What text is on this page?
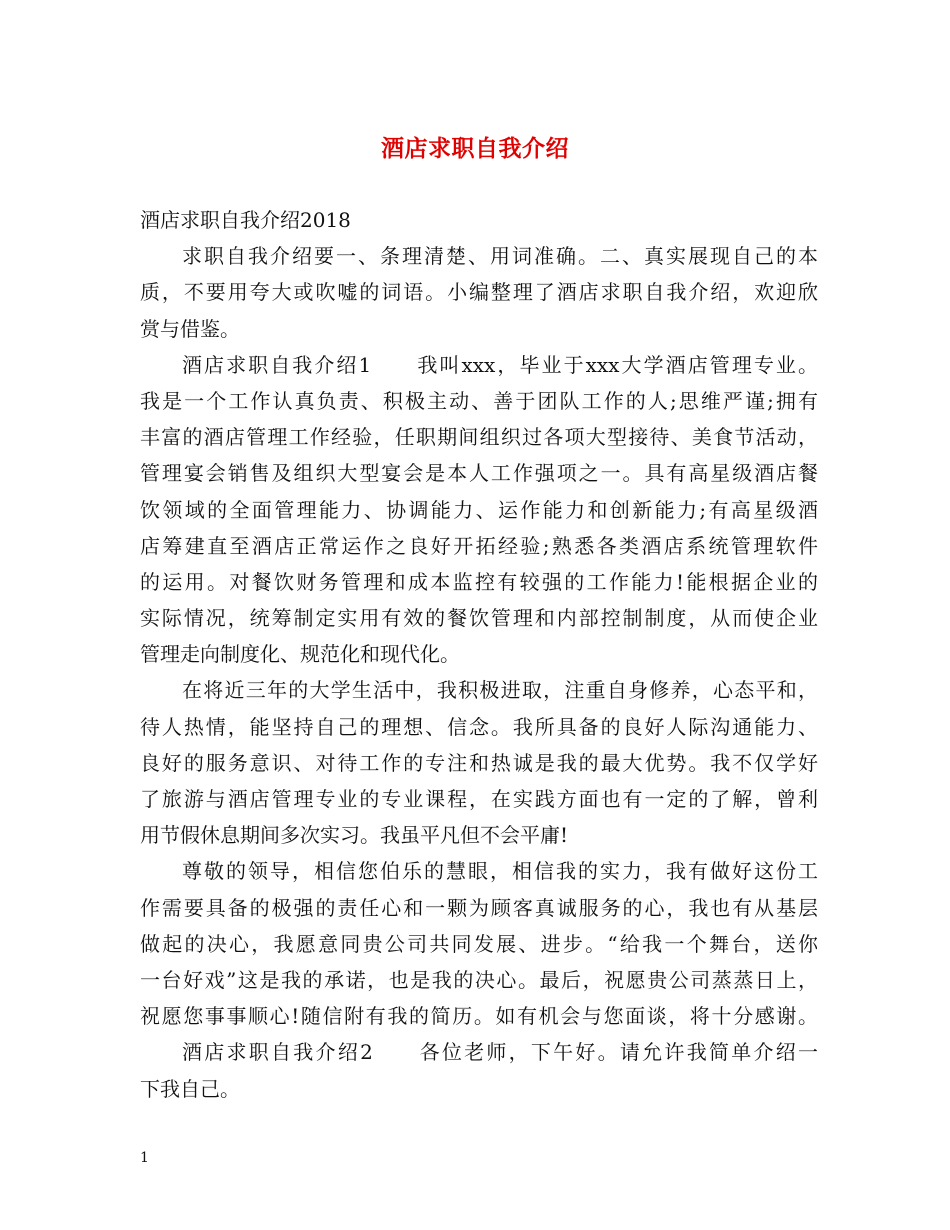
酒店求职自我介绍
酒店求职自我介绍2018
求职自我介绍要一、条理清楚、用词准确。二、真实展现自己的本
质，不要用夸大或吹嘘的词语。小编整理了酒店求职自我介绍，欢迎欣
赏与借鉴。
酒店求职自我介绍1　　我叫xxx，毕业于xxx大学酒店管理专业。
我是一个工作认真负责、积极主动、善于团队工作的人;思维严谨;拥有
丰富的酒店管理工作经验，任职期间组织过各项大型接待、美食节活动，
管理宴会销售及组织大型宴会是本人工作强项之一。具有高星级酒店餐
饮领域的全面管理能力、协调能力、运作能力和创新能力;有高星级酒
店筹建直至酒店正常运作之良好开拓经验;熟悉各类酒店系统管理软件
的运用。对餐饮财务管理和成本监控有较强的工作能力!能根据企业的
实际情况，统筹制定实用有效的餐饮管理和内部控制制度，从而使企业
管理走向制度化、规范化和现代化。
在将近三年的大学生活中，我积极进取，注重自身修养，心态平和，
待人热情，能坚持自己的理想、信念。我所具备的良好人际沟通能力、
良好的服务意识、对待工作的专注和热诚是我的最大优势。我不仅学好
了旅游与酒店管理专业的专业课程，在实践方面也有一定的了解，曾利
用节假休息期间多次实习。我虽平凡但不会平庸!
尊敬的领导，相信您伯乐的慧眼，相信我的实力，我有做好这份工
作需要具备的极强的责任心和一颗为顾客真诚服务的心，我也有从基层
做起的决心，我愿意同贵公司共同发展、进步。“给我一个舞台，送你
一台好戏”这是我的承诺，也是我的决心。最后，祝愿贵公司蒸蒸日上，
祝愿您事事顺心!随信附有我的简历。如有机会与您面谈，将十分感谢。
酒店求职自我介绍2　　各位老师，下午好。请允许我简单介绍一
下我自己。
1
